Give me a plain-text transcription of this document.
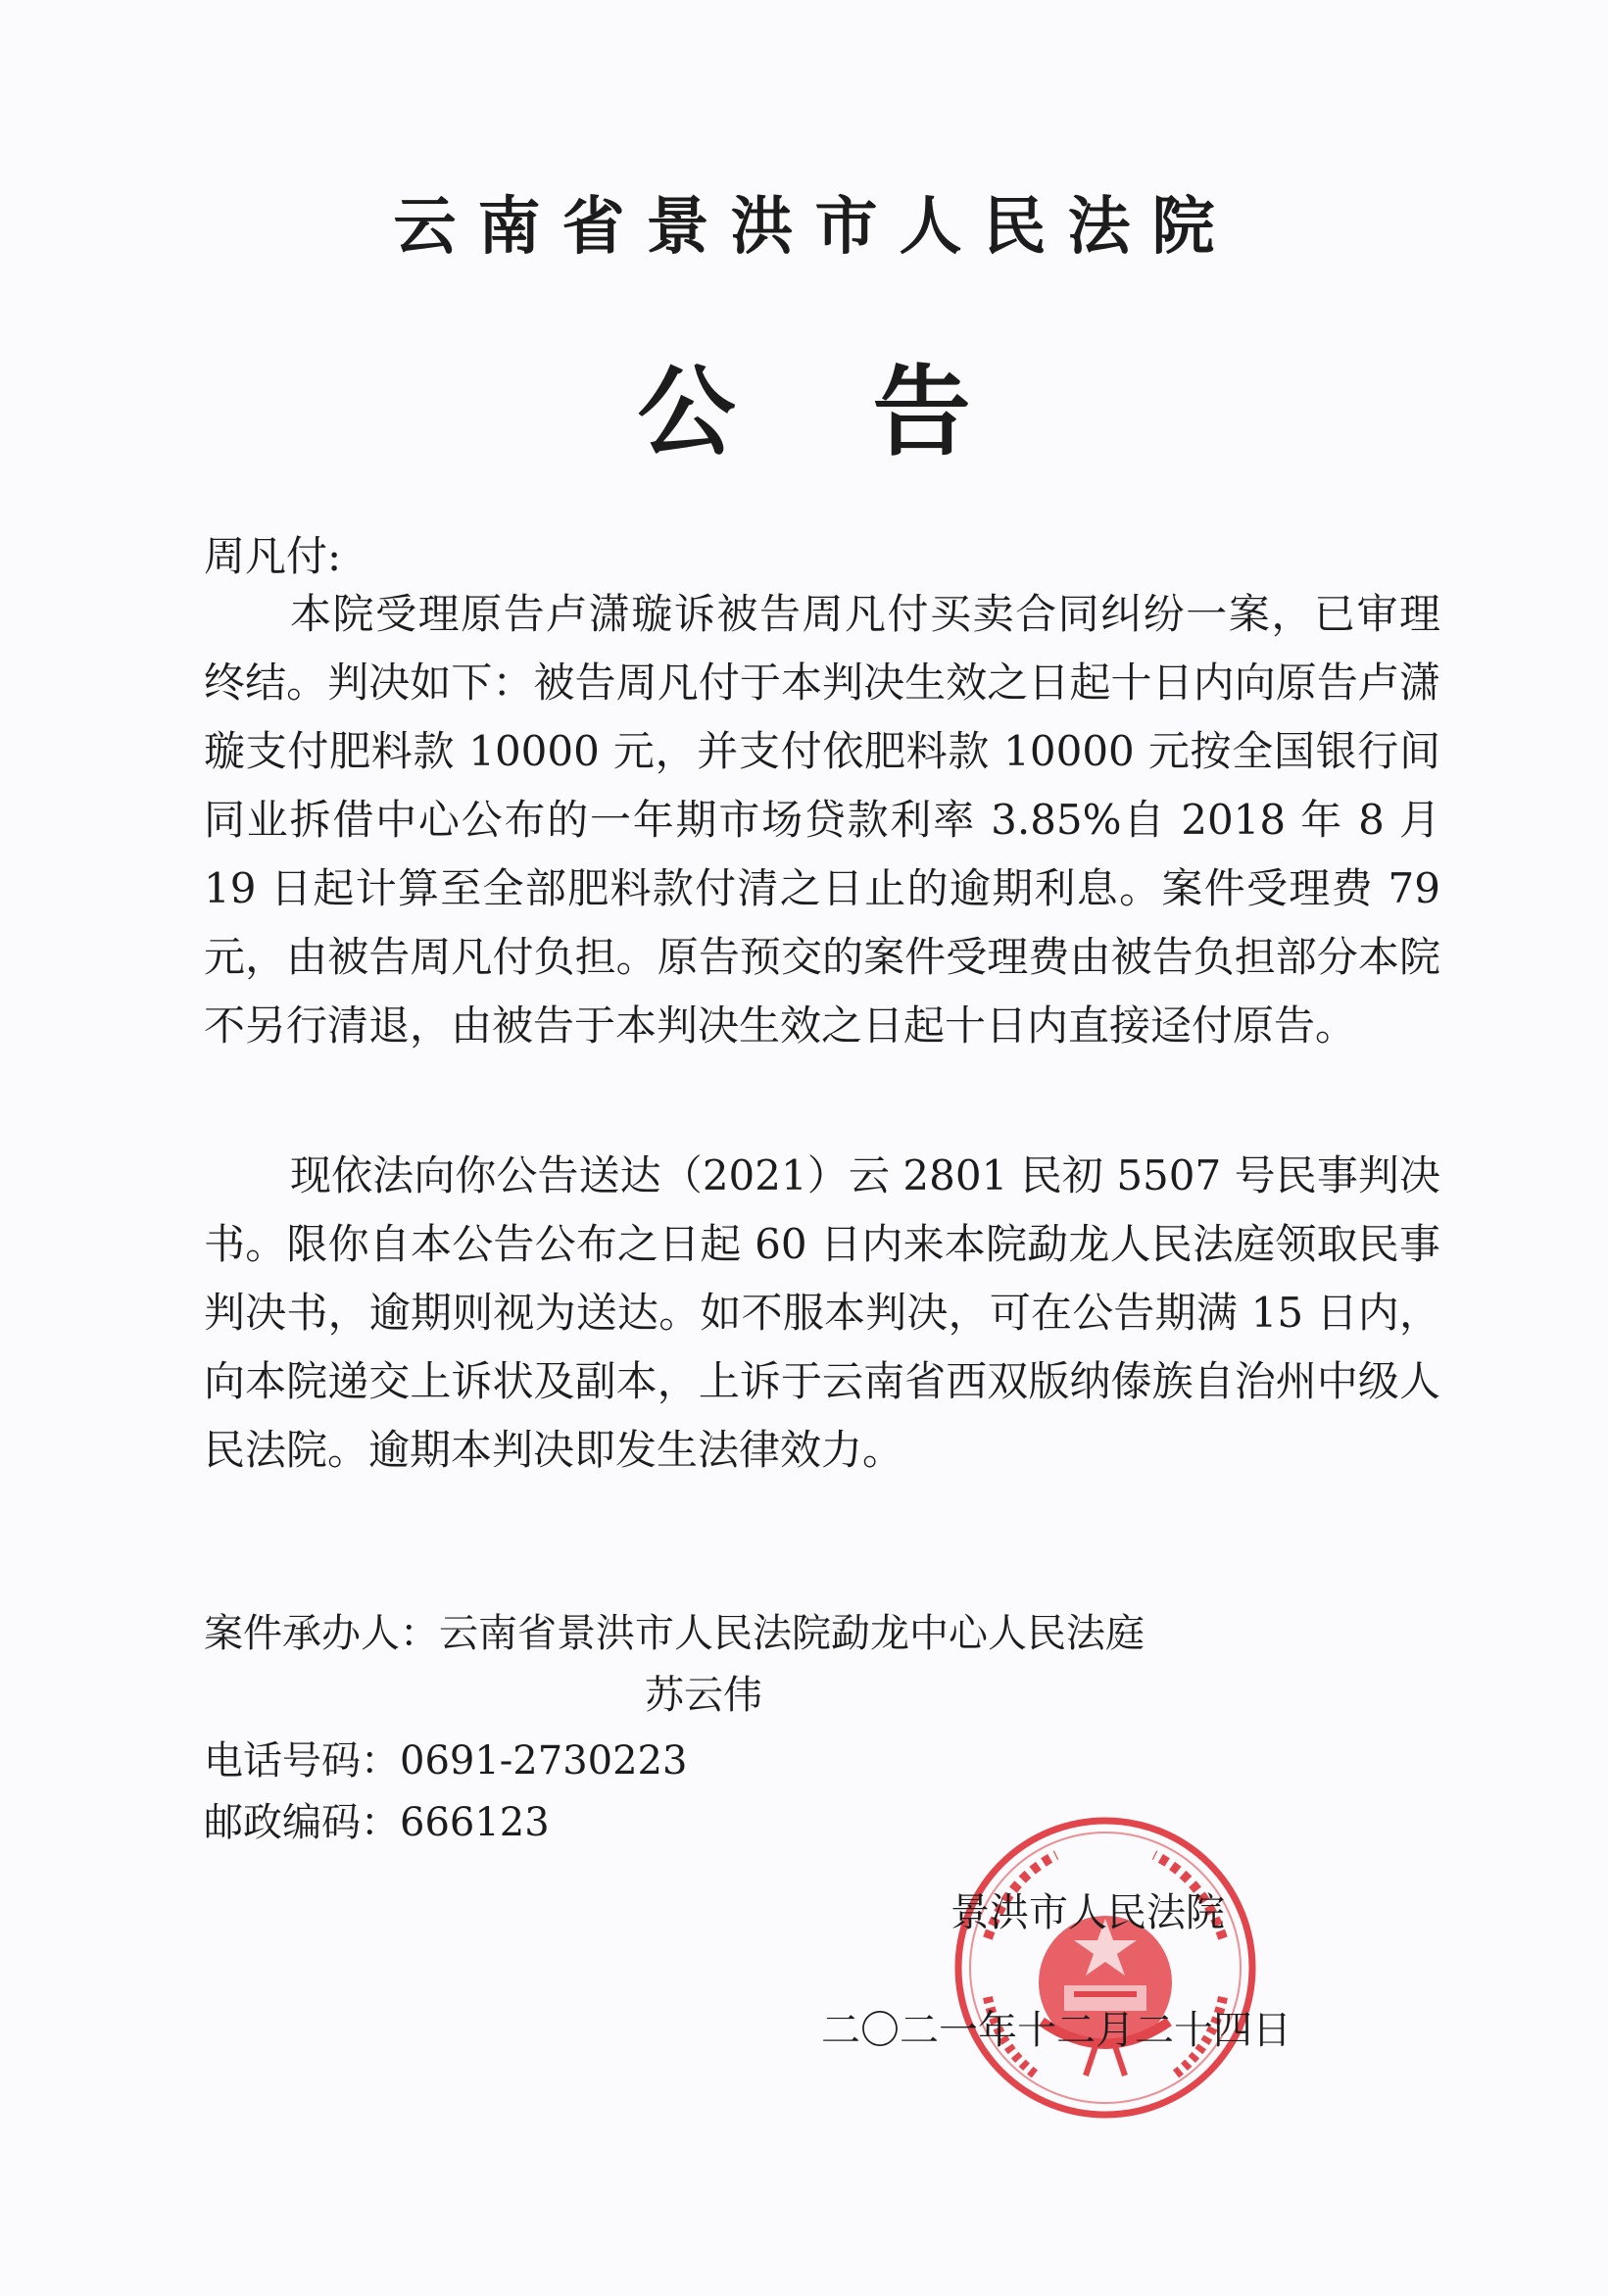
云南省景洪市人民法院
公告
周凡付:

本院受理原告卢潇璇诉被告周凡付买卖合同纠纷一案，已审理终结。判决如下：被告周凡付于本判决生效之日起十日内向原告卢潇璇支付肥料款 10000 元，并支付依肥料款 10000 元按全国银行间同业拆借中心公布的一年期市场贷款利率 3.85%自 2018 年 8 月 19 日起计算至全部肥料款付清之日止的逾期利息。案件受理费 79 元，由被告周凡付负担。原告预交的案件受理费由被告负担部分本院不另行清退，由被告于本判决生效之日起十日内直接迳付原告。

现依法向你公告送达（2021）云 2801 民初 5507 号民事判决书。限你自本公告公布之日起 60 日内来本院勐龙人民法庭领取民事判决书，逾期则视为送达。如不服本判决，可在公告期满 15 日内，向本院递交上诉状及副本，上诉于云南省西双版纳傣族自治州中级人民法院。逾期本判决即发生法律效力。

案件承办人：云南省景洪市人民法院勐龙中心人民法庭
苏云伟
电话号码：0691-2730223
邮政编码：666123
景洪市人民法院
二〇二一年十二月二十四日
